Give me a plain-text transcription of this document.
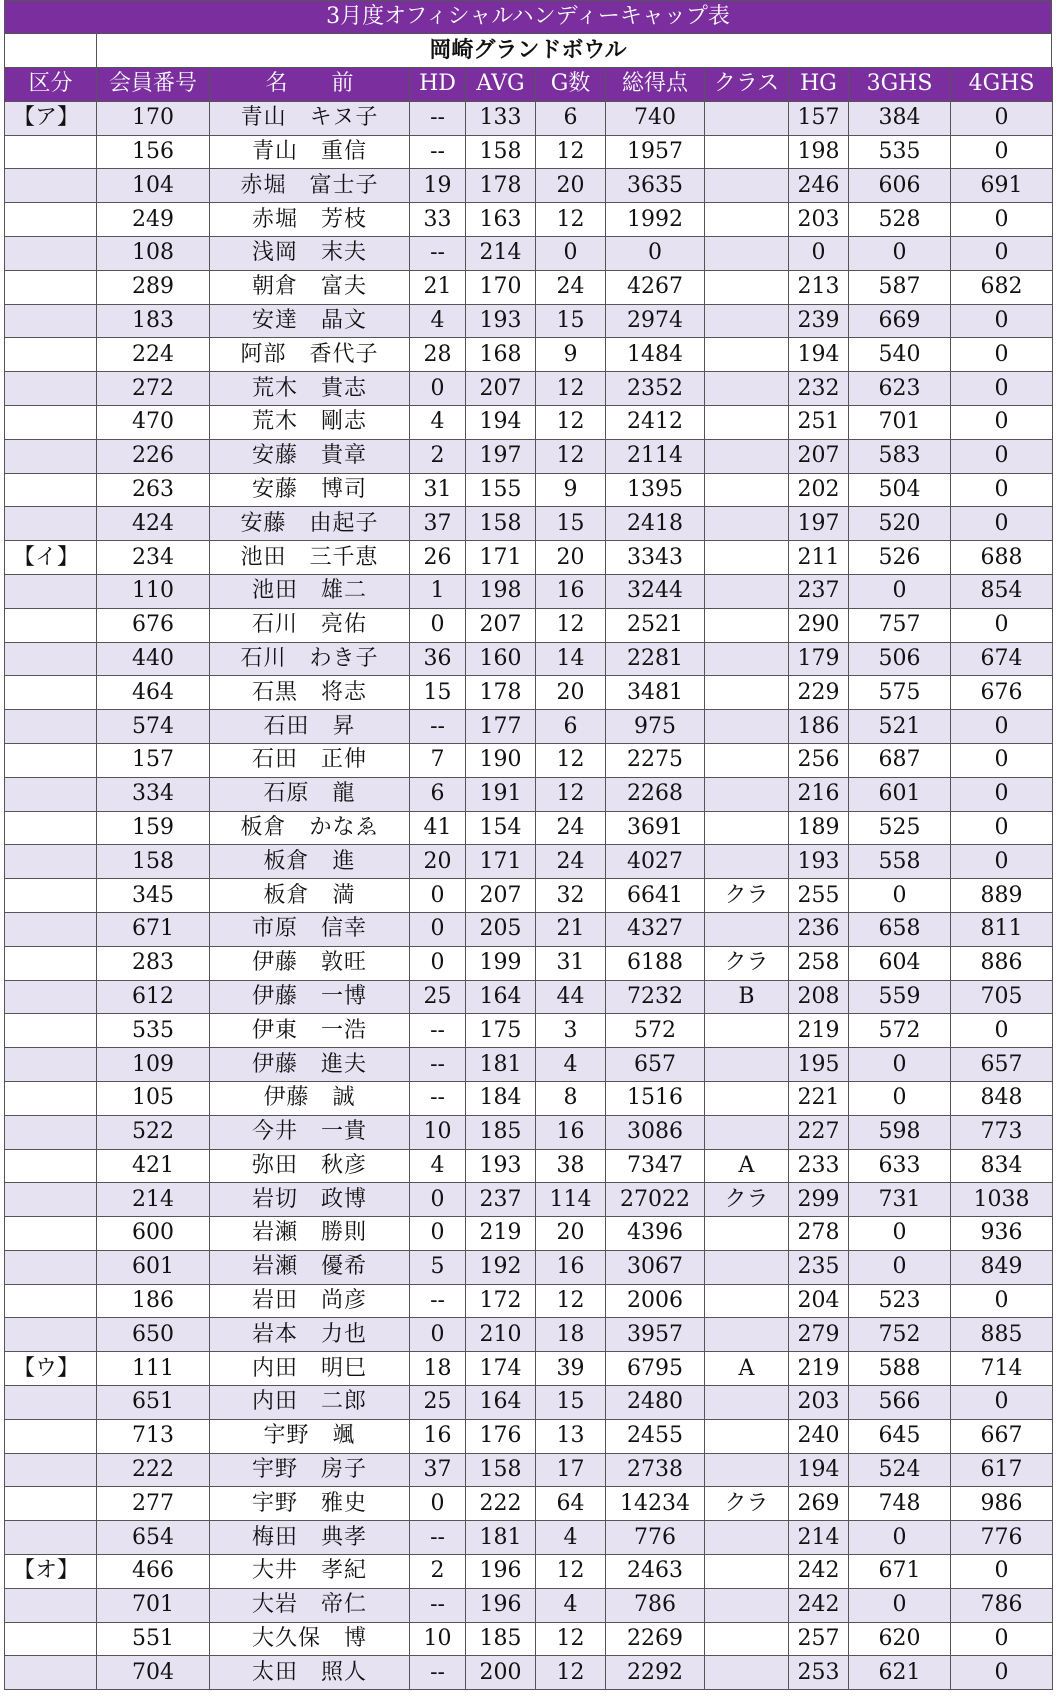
3月度オフィシャルハンディーキャップ表
岡崎グランドボウル
区分	会員番号	名　　前	HD	AVG	G数	総得点	クラス	HG	3GHS	4GHS
【ア】	170	青山　キヌ子	--	133	6	740		157	384	0
	156	青山　重信	--	158	12	1957		198	535	0
	104	赤堀　富士子	19	178	20	3635		246	606	691
	249	赤堀　芳枝	33	163	12	1992		203	528	0
	108	浅岡　末夫	--	214	0	0		0	0	0
	289	朝倉　富夫	21	170	24	4267		213	587	682
	183	安達　晶文	4	193	15	2974		239	669	0
	224	阿部　香代子	28	168	9	1484		194	540	0
	272	荒木　貴志	0	207	12	2352		232	623	0
	470	荒木　剛志	4	194	12	2412		251	701	0
	226	安藤　貴章	2	197	12	2114		207	583	0
	263	安藤　博司	31	155	9	1395		202	504	0
	424	安藤　由起子	37	158	15	2418		197	520	0
【イ】	234	池田　三千恵	26	171	20	3343		211	526	688
	110	池田　雄二	1	198	16	3244		237	0	854
	676	石川　亮佑	0	207	12	2521		290	757	0
	440	石川　わき子	36	160	14	2281		179	506	674
	464	石黒　将志	15	178	20	3481		229	575	676
	574	石田　昇	--	177	6	975		186	521	0
	157	石田　正伸	7	190	12	2275		256	687	0
	334	石原　龍	6	191	12	2268		216	601	0
	159	板倉　かなゑ	41	154	24	3691		189	525	0
	158	板倉　進	20	171	24	4027		193	558	0
	345	板倉　満	0	207	32	6641	クラ	255	0	889
	671	市原　信幸	0	205	21	4327		236	658	811
	283	伊藤　敦旺	0	199	31	6188	クラ	258	604	886
	612	伊藤　一博	25	164	44	7232	B	208	559	705
	535	伊東　一浩	--	175	3	572		219	572	0
	109	伊藤　進夫	--	181	4	657		195	0	657
	105	伊藤　誠	--	184	8	1516		221	0	848
	522	今井　一貴	10	185	16	3086		227	598	773
	421	弥田　秋彦	4	193	38	7347	A	233	633	834
	214	岩切　政博	0	237	114	27022	クラ	299	731	1038
	600	岩瀬　勝則	0	219	20	4396		278	0	936
	601	岩瀬　優希	5	192	16	3067		235	0	849
	186	岩田　尚彦	--	172	12	2006		204	523	0
	650	岩本　力也	0	210	18	3957		279	752	885
【ウ】	111	内田　明巳	18	174	39	6795	A	219	588	714
	651	内田　二郎	25	164	15	2480		203	566	0
	713	宇野　颯	16	176	13	2455		240	645	667
	222	宇野　房子	37	158	17	2738		194	524	617
	277	宇野　雅史	0	222	64	14234	クラ	269	748	986
	654	梅田　典孝	--	181	4	776		214	0	776
【オ】	466	大井　孝紀	2	196	12	2463		242	671	0
	701	大岩　帝仁	--	196	4	786		242	0	786
	551	大久保　博	10	185	12	2269		257	620	0
	704	太田　照人	--	200	12	2292		253	621	0
